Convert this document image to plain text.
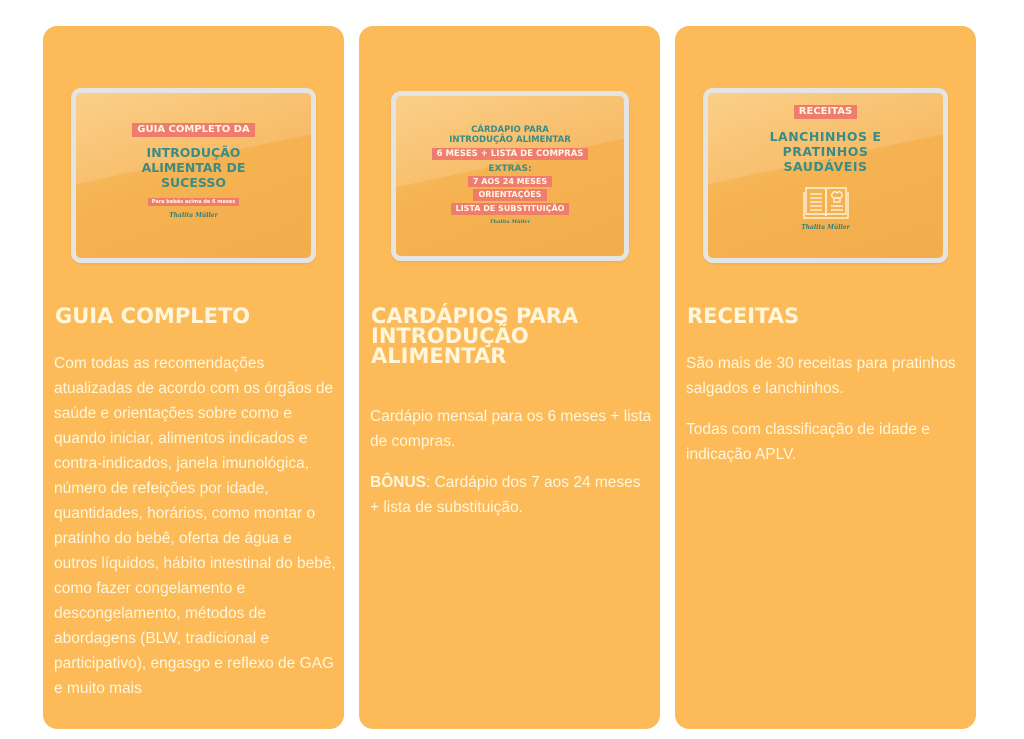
GUIA COMPLETO DA
INTRODUÇÃO
ALIMENTAR DE
SUCESSO
Para bebês acima de 6 meses
Thalita Müller
GUIA COMPLETO

Com todas as recomendações atualizadas de acordo com os órgãos de saúde e orientações sobre como e quando iniciar, alimentos indicados e contra-indicados, janela imunológica, número de refeições por idade, quantidades, horários, como montar o pratinho do bebê, oferta de água e outros líquidos, hábito intestinal do bebê, como fazer congelamento e descongelamento, métodos de abordagens (BLW, tradicional e participativo), engasgo e reflexo de GAG e muito mais

CÁRDAPIO PARA
INTRODUÇÃO ALIMENTAR
6 MESES + LISTA DE COMPRAS
EXTRAS:
7 AOS 24 MESES
ORIENTAÇÕES
LISTA DE SUBSTITUIÇÃO
Thalita Müller
CARDÁPIOS PARA INTRODUÇÃO ALIMENTAR

Cardápio mensal para os 6 meses + lista de compras.

BÔNUS: Cardápio dos 7 aos 24 meses + lista de substituição.

RECEITAS
LANCHINHOS E
PRATINHOS
SAUDÁVEIS
Thalita Müller
RECEITAS

São mais de 30 receitas para pratinhos salgados e lanchinhos.

Todas com classificação de idade e indicação APLV.
